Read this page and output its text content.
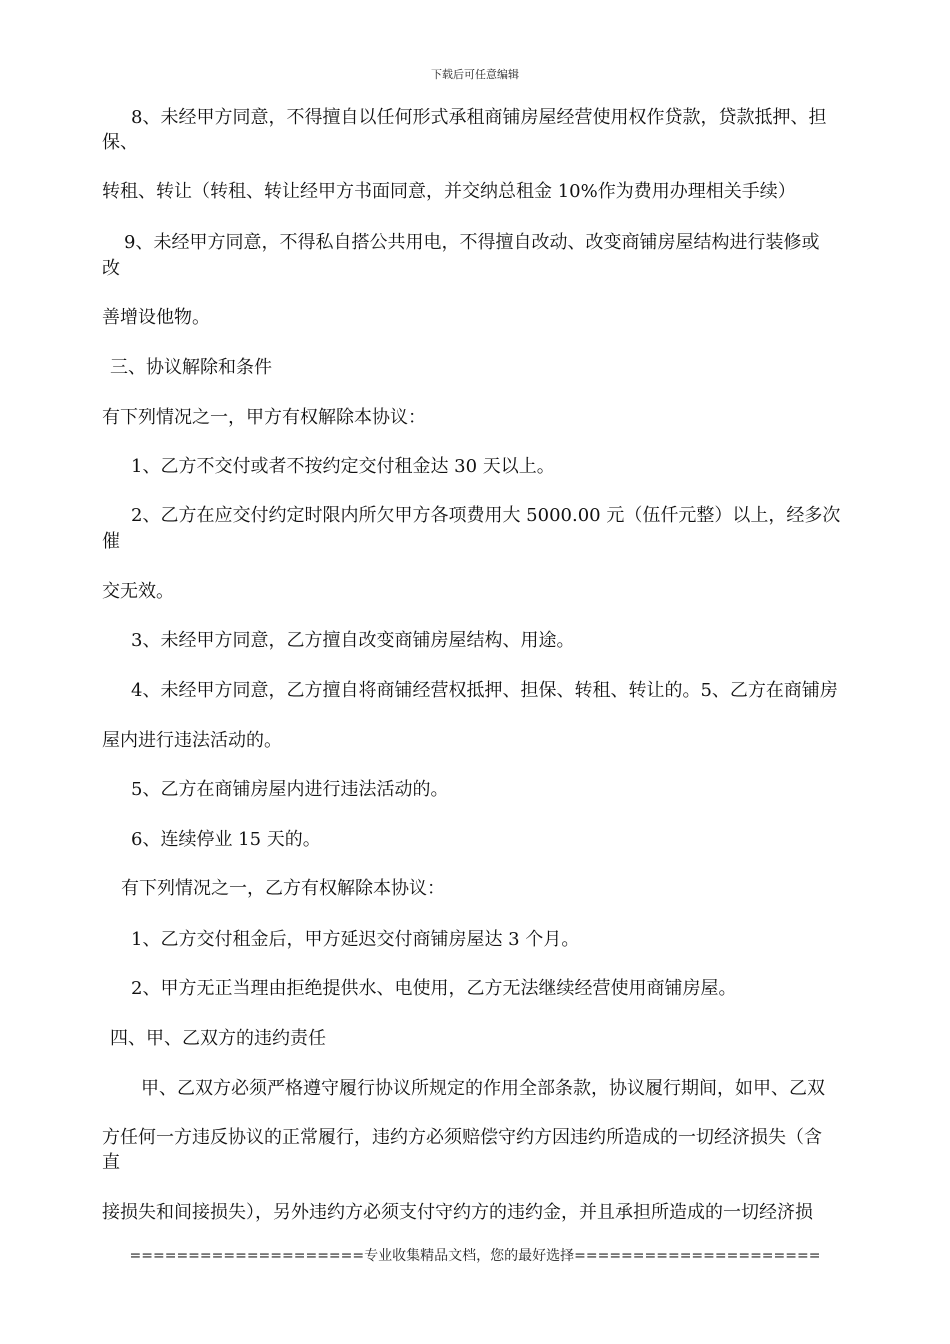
下载后可任意编辑
8、未经甲方同意，不得擅自以任何形式承租商铺房屋经营使用权作贷款，贷款抵押、担
保、
转租、转让（转租、转让经甲方书面同意，并交纳总租金 10%作为费用办理相关手续）
9、未经甲方同意，不得私自搭公共用电，不得擅自改动、改变商铺房屋结构进行装修或
改
善增设他物。
三、协议解除和条件
有下列情况之一，甲方有权解除本协议：
1、乙方不交付或者不按约定交付租金达 30 天以上。
2、乙方在应交付约定时限内所欠甲方各项费用大 5000.00 元（伍仟元整）以上，经多次
催
交无效。
3、未经甲方同意，乙方擅自改变商铺房屋结构、用途。
4、未经甲方同意，乙方擅自将商铺经营权抵押、担保、转租、转让的。5、乙方在商铺房
屋内进行违法活动的。
5、乙方在商铺房屋内进行违法活动的。
6、连续停业 15 天的。
有下列情况之一，乙方有权解除本协议：
1、乙方交付租金后，甲方延迟交付商铺房屋达 3 个月。
2、甲方无正当理由拒绝提供水、电使用，乙方无法继续经营使用商铺房屋。
四、甲、乙双方的违约责任
甲、乙双方必须严格遵守履行协议所规定的作用全部条款，协议履行期间，如甲、乙双
方任何一方违反协议的正常履行，违约方必须赔偿守约方因违约所造成的一切经济损失（含
直
接损失和间接损失），另外违约方必须支付守约方的违约金，并且承担所造成的一切经济损
====================专业收集精品文档，您的最好选择=====================
